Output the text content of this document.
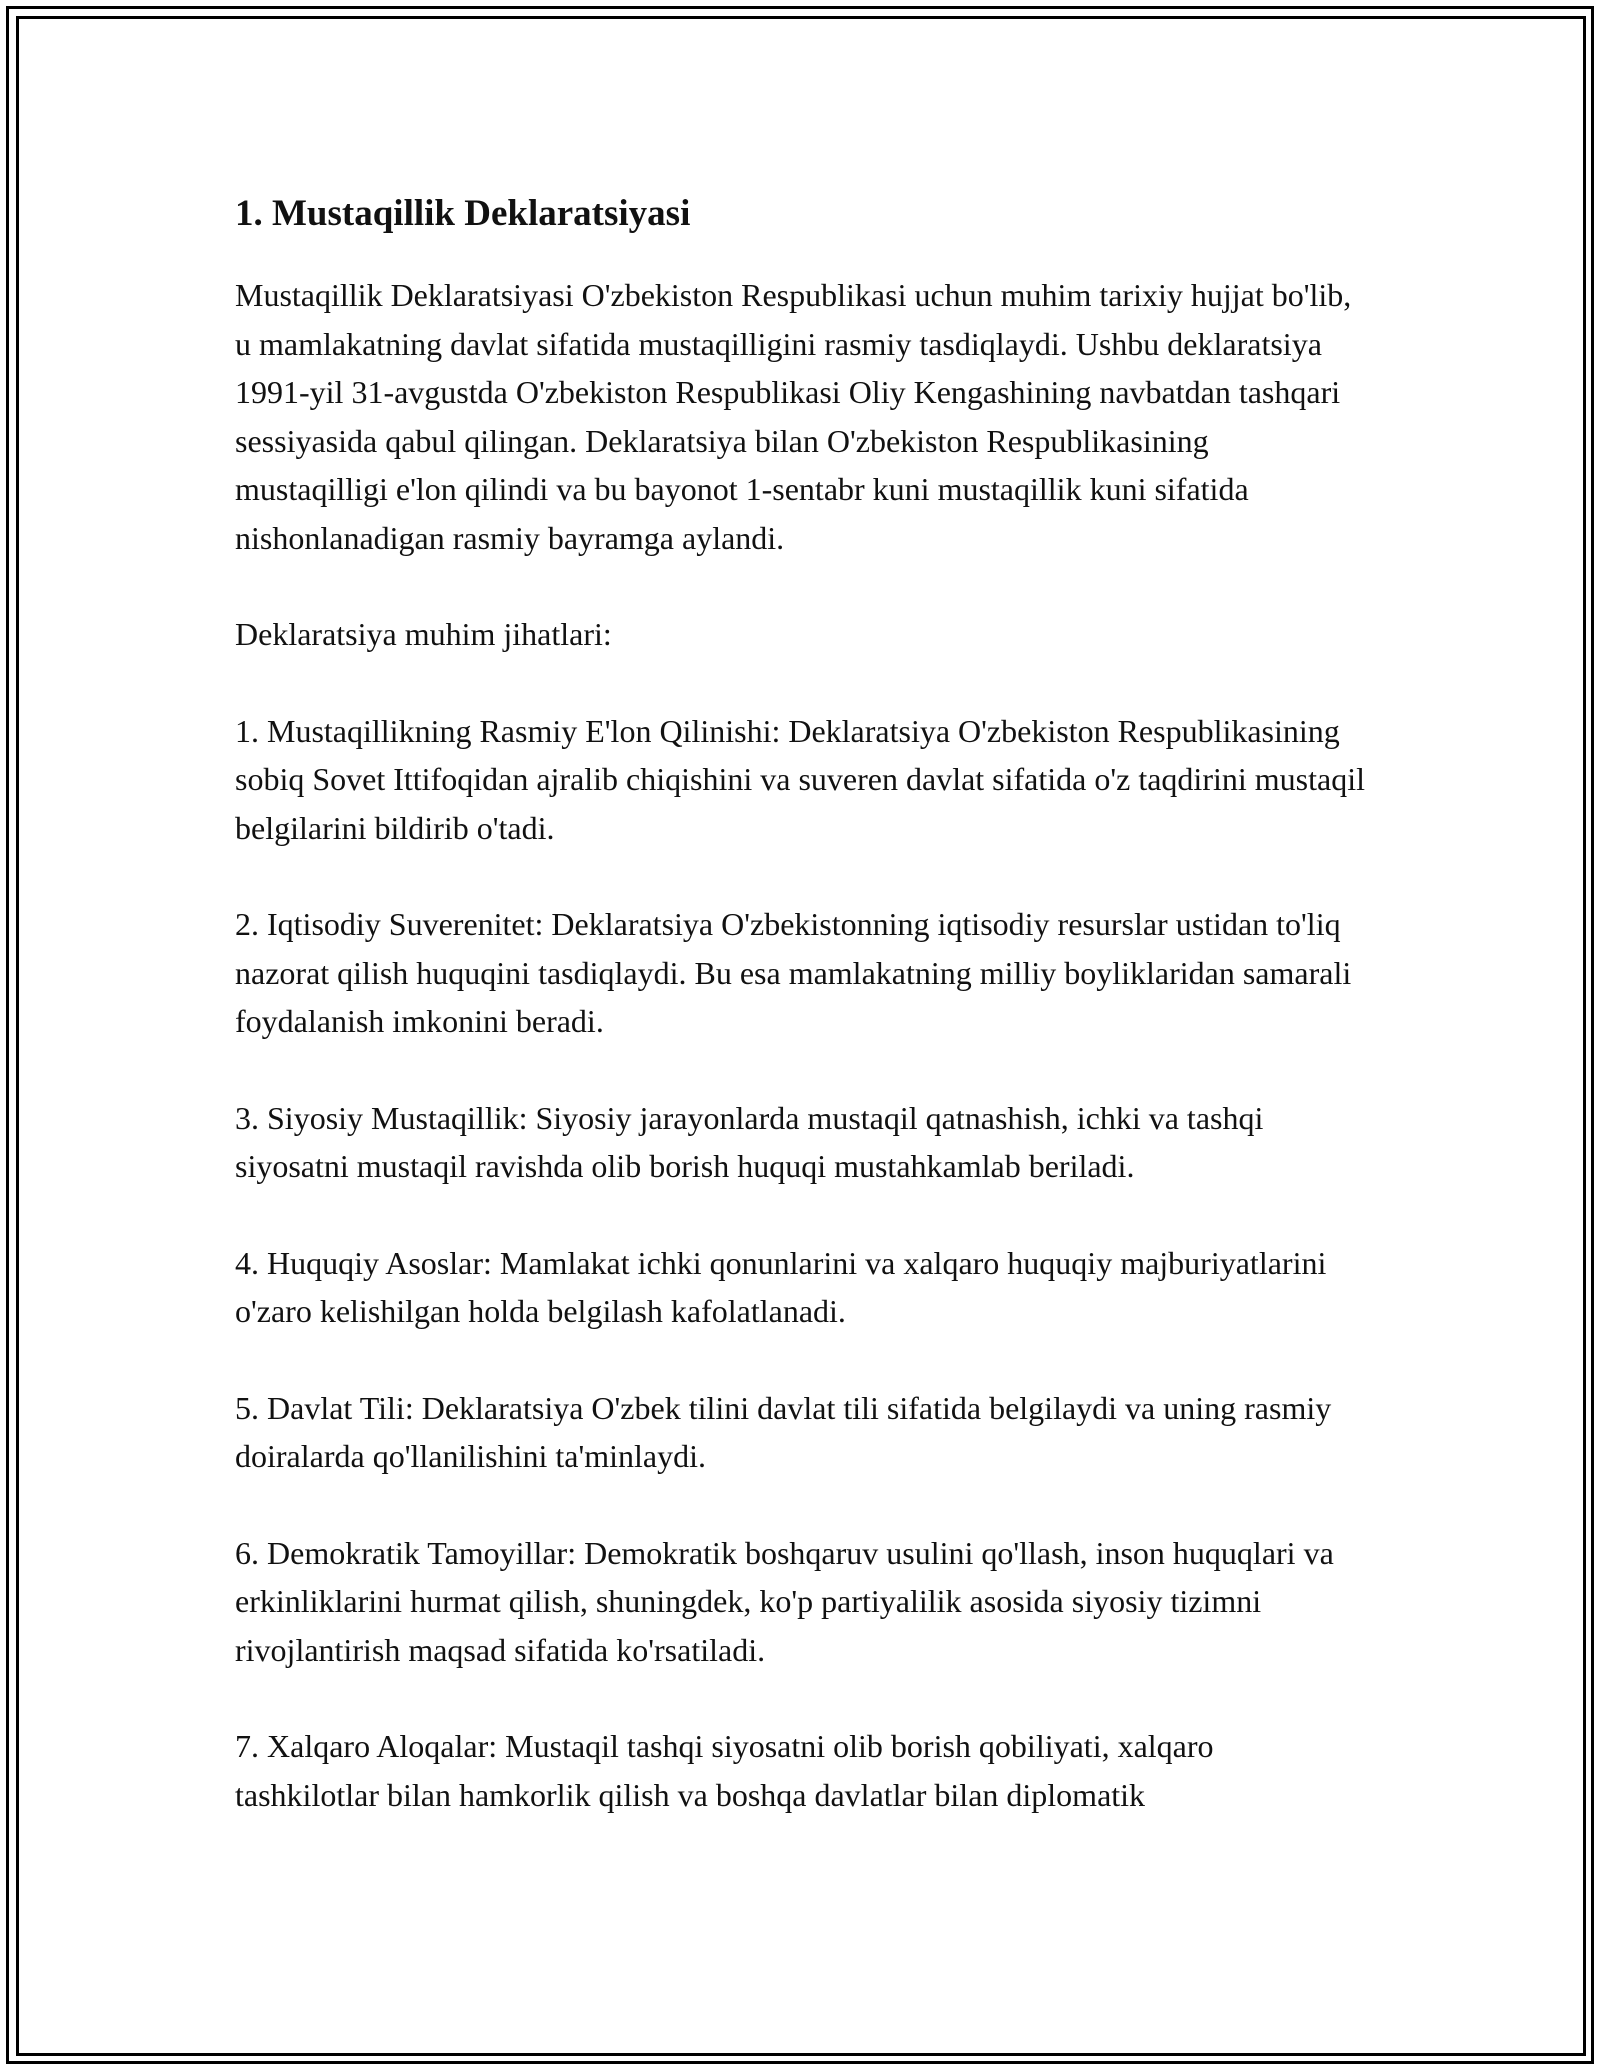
1. Mustaqillik Deklaratsiyasi

Mustaqillik Deklaratsiyasi O'zbekiston Respublikasi uchun muhim tarixiy hujjat bo'lib, u mamlakatning davlat sifatida mustaqilligini rasmiy tasdiqlaydi. Ushbu deklaratsiya 1991-yil 31-avgustda O'zbekiston Respublikasi Oliy Kengashining navbatdan tashqari sessiyasida qabul qilingan. Deklaratsiya bilan O'zbekiston Respublikasining mustaqilligi e'lon qilindi va bu bayonot 1-sentabr kuni mustaqillik kuni sifatida nishonlanadigan rasmiy bayramga aylandi.

Deklaratsiya muhim jihatlari:

1. Mustaqillikning Rasmiy E'lon Qilinishi: Deklaratsiya O'zbekiston Respublikasining sobiq Sovet Ittifoqidan ajralib chiqishini va suveren davlat sifatida o'z taqdirini mustaqil belgilarini bildirib o'tadi.

2. Iqtisodiy Suverenitet: Deklaratsiya O'zbekistonning iqtisodiy resurslar ustidan to'liq nazorat qilish huquqini tasdiqlaydi. Bu esa mamlakatning milliy boyliklaridan samarali foydalanish imkonini beradi.

3. Siyosiy Mustaqillik: Siyosiy jarayonlarda mustaqil qatnashish, ichki va tashqi siyosatni mustaqil ravishda olib borish huquqi mustahkamlab beriladi.

4. Huquqiy Asoslar: Mamlakat ichki qonunlarini va xalqaro huquqiy majburiyatlarini o'zaro kelishilgan holda belgilash kafolatlanadi.

5. Davlat Tili: Deklaratsiya O'zbek tilini davlat tili sifatida belgilaydi va uning rasmiy doiralarda qo'llanilishini ta'minlaydi.

6. Demokratik Tamoyillar: Demokratik boshqaruv usulini qo'llash, inson huquqlari va erkinliklarini hurmat qilish, shuningdek, ko'p partiyalilik asosida siyosiy tizimni rivojlantirish maqsad sifatida ko'rsatiladi.

7. Xalqaro Aloqalar: Mustaqil tashqi siyosatni olib borish qobiliyati, xalqaro tashkilotlar bilan hamkorlik qilish va boshqa davlatlar bilan diplomatik
